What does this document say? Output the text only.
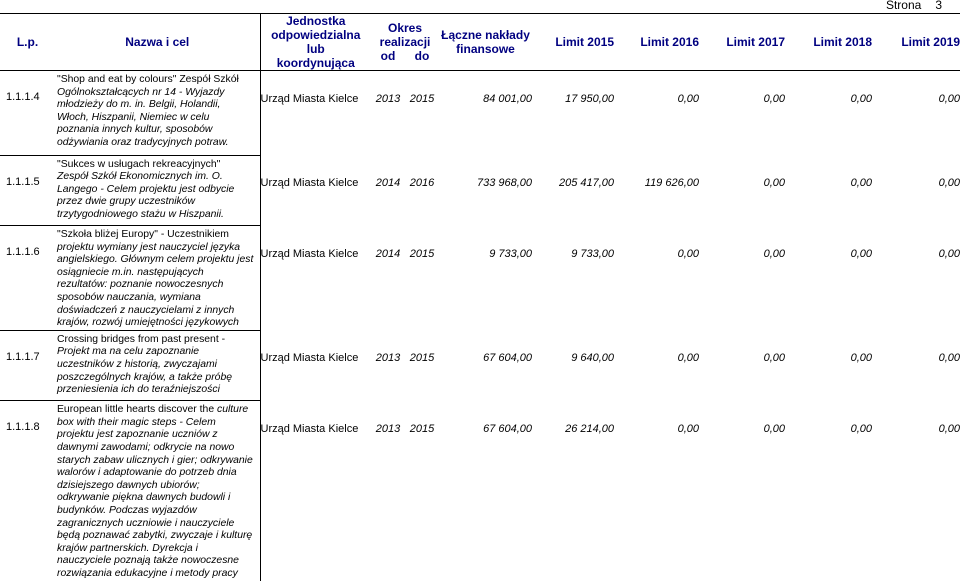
Strona 3
L.p.	Nazwa i cel	Jednostka
odpowiedzialna lub
koordynująca	Okres
realizacji
od do		Łączne nakłady
finansowe	Limit 2015	Limit 2016	Limit 2017	Limit 2018	Limit 2019
1.1.1.4	"Shop and eat by colours" Zespół Szkół Ogólnokształcących nr 14 - Wyjazdy młodzieży do m. in. Belgii, Holandii, Włoch, Hiszpanii, Niemiec w celu poznania innych kultur, sposobów odżywiania oraz tradycyjnych potraw.	Urząd Miasta Kielce	2013	2015	84 001,00	17 950,00	0,00	0,00	0,00	0,00

1.1.1.5	"Sukces w usługach rekreacyjnych" Zespół Szkół Ekonomicznych im. O. Langego - Celem projektu jest odbycie przez dwie grupy uczestników trzytygodniowego stażu w Hiszpanii.	Urząd Miasta Kielce	2014	2016	733 968,00	205 417,00	119 626,00	0,00	0,00	0,00

1.1.1.6	"Szkoła bliżej Europy" - Uczestnikiem projektu wymiany jest nauczyciel języka angielskiego. Głównym celem projektu jest osiągniecie m.in. następujących rezultatów: poznanie nowoczesnych sposobów nauczania, wymiana doświadczeń z nauczycielami z innych krajów, rozwój umiejętności językowych	Urząd Miasta Kielce	2014	2015	9 733,00	9 733,00	0,00	0,00	0,00	0,00

1.1.1.7	Crossing bridges from past present - Projekt ma na celu zapoznanie uczestników z historią, zwyczajami poszczególnych krajów, a także próbę przeniesienia ich do teraźniejszości	Urząd Miasta Kielce	2013	2015	67 604,00	9 640,00	0,00	0,00	0,00	0,00

1.1.1.8	European little hearts discover the culture box with their magic steps - Celem projektu jest zapoznanie uczniów z dawnymi zawodami; odkrycie na nowo starych zabaw ulicznych i gier; odkrywanie walorów i adaptowanie do potrzeb dnia dzisiejszego dawnych ubiorów; odkrywanie piękna dawnych budowli i budynków. Podczas wyjazdów zagranicznych uczniowie i nauczyciele będą poznawać zabytki, zwyczaje i kulturę krajów partnerskich. Dyrekcja i nauczyciele poznają także nowoczesne rozwiązania edukacyjne i metody pracy	Urząd Miasta Kielce	2013	2015	67 604,00	26 214,00	0,00	0,00	0,00	0,00
